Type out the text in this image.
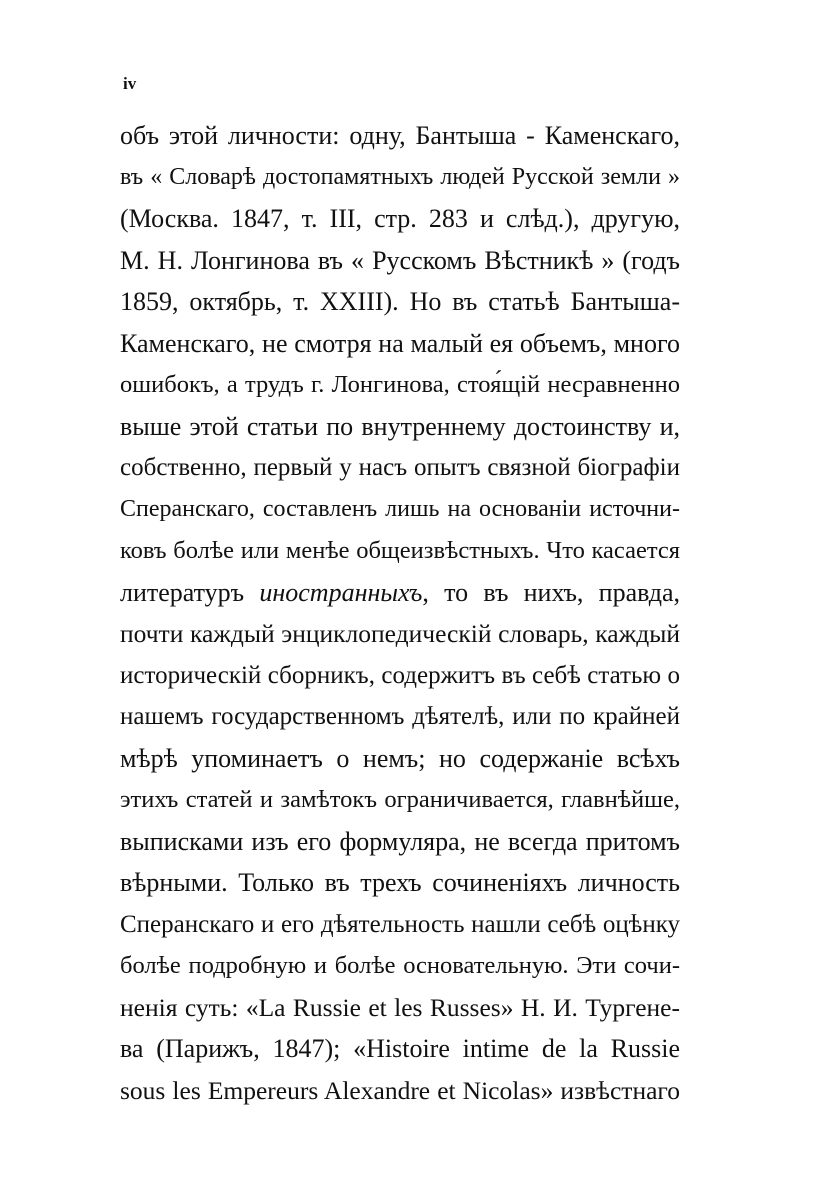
iv
объ этой личности: одну, Бантыша - Каменскаго,
въ « Словарѣ достопамятныхъ людей Русской земли »
(Москва. 1847, т. III, стр. 283 и слѣд.), другую,
М. Н. Лонгинова въ « Русскомъ Вѣстникѣ » (годъ
1859, октябрь, т. XXIII). Но въ статьѣ Бантыша-
Каменскаго, не смотря на малый ея объемъ, много
ошибокъ, а трудъ г. Лонгинова, стоя́щій несравненно
выше этой статьи по внутреннему достоинству и,
собственно, первый у насъ опытъ связной біографіи
Сперанскаго, составленъ лишь на основаніи источни-
ковъ болѣе или менѣе общеизвѣстныхъ. Что касается
литературъ иностранныхъ, то въ нихъ, правда,
почти каждый энциклопедическій словарь, каждый
историческій сборникъ, содержитъ въ себѣ статью о
нашемъ государственномъ дѣятелѣ, или по крайней
мѣрѣ упоминаетъ о немъ; но содержаніе всѣхъ
этихъ статей и замѣтокъ ограничивается, главнѣйше,
выписками изъ его формуляра, не всегда притомъ
вѣрными. Только въ трехъ сочиненіяхъ личность
Сперанскаго и его дѣятельность нашли себѣ оцѣнку
болѣе подробную и болѣе основательную. Эти сочи-
ненія суть: «La Russie et les Russes» Н. И. Тургене-
ва (Парижъ, 1847); «Histoire intime de la Russie
sous les Empereurs Alexandre et Nicolas» извѣстнаго
